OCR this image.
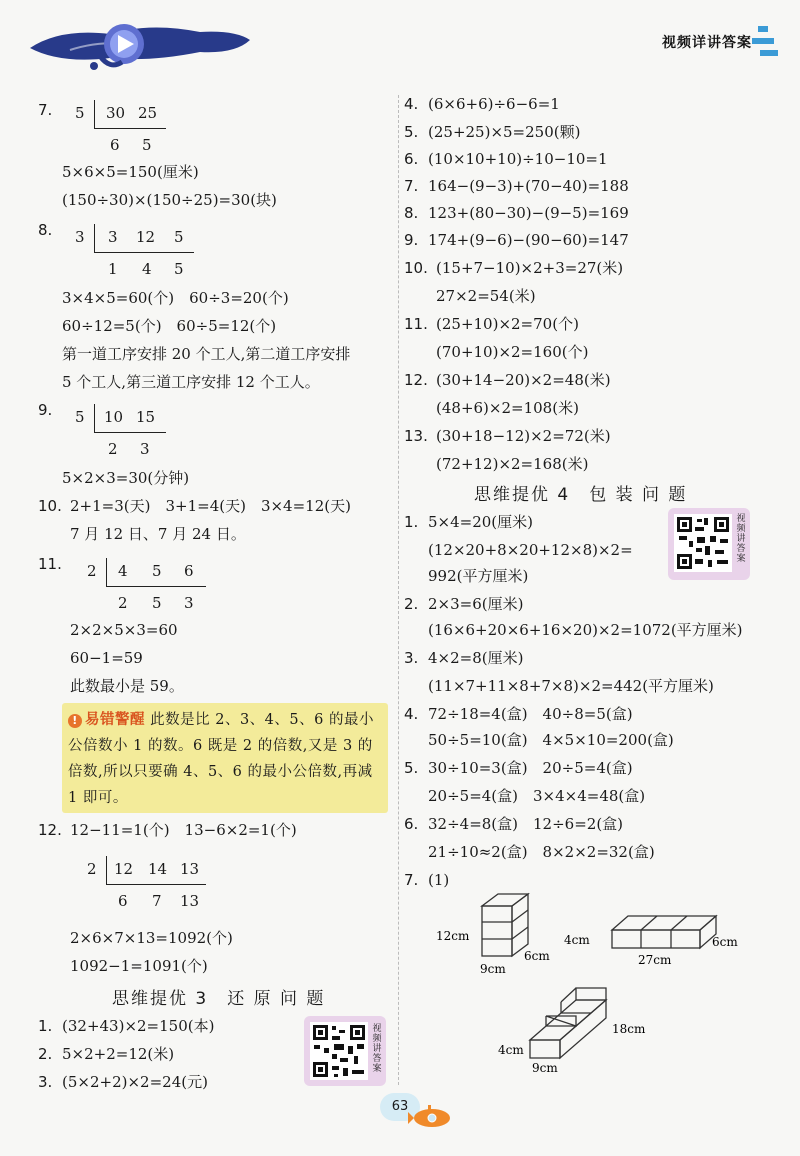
视频详讲答案
7. 5 30 25
6 5
5×6×5=150(厘米)
(150÷30)×(150÷25)=30(块)
8. 3 3 12 5
1 4 5
3×4×5=60(个)　60÷3=20(个)
60÷12=5(个)　60÷5=12(个)
第一道工序安排 20 个工人,第二道工序安排
5 个工人,第三道工序安排 12 个工人。
9. 5 10 15
2 3
5×2×3=30(分钟)
10. 2+1=3(天)　3+1=4(天)　3×4=12(天)
7 月 12 日、7 月 24 日。
11. 2 4 5 6
2 5 3
2×2×5×3=60
60−1=59
此数最小是 59。
! 易错警醒 此数是比 2、3、4、5、6 的最小公倍数小 1 的数。6 既是 2 的倍数,又是 3 的倍数,所以只要确 4、5、6 的最小公倍数,再减 1 即可。
12. 12−11=1(个)　13−6×2=1(个)
2 12 14 13
6 7 13
2×6×7×13=1092(个)
1092−1=1091(个)
思维提优 3　还 原 问 题
1. (32+43)×2=150(本)
2. 5×2+2=12(米)
3. (5×2+2)×2=24(元)
视频讲答案
4. (6×6+6)÷6−6=1
5. (25+25)×5=250(颗)
6. (10×10+10)÷10−10=1
7. 164−(9−3)+(70−40)=188
8. 123+(80−30)−(9−5)=169
9. 174+(9−6)−(90−60)=147
10. (15+7−10)×2+3=27(米)
27×2=54(米)
11. (25+10)×2=70(个)
(70+10)×2=160(个)
12. (30+14−20)×2=48(米)
(48+6)×2=108(米)
13. (30+18−12)×2=72(米)
(72+12)×2=168(米)
思维提优 4　包 装 问 题
1. 5×4=20(厘米)
(12×20+8×20+12×8)×2=
992(平方厘米)
2. 2×3=6(厘米)
(16×6+20×6+16×20)×2=1072(平方厘米)
3. 4×2=8(厘米)
(11×7+11×8+7×8)×2=442(平方厘米)
4. 72÷18=4(盒)　40÷8=5(盒)
50÷5=10(盒)　4×5×10=200(盒)
5. 30÷10=3(盒)　20÷5=4(盒)
20÷5=4(盒)　3×4×4=48(盒)
6. 32÷4=8(盒)　12÷6=2(盒)
21÷10≈2(盒)　8×2×2=32(盒)
7. (1)
视频讲答案
12cm
6cm
9cm
4cm	6cm
27cm
18cm
4cm
9cm
63
